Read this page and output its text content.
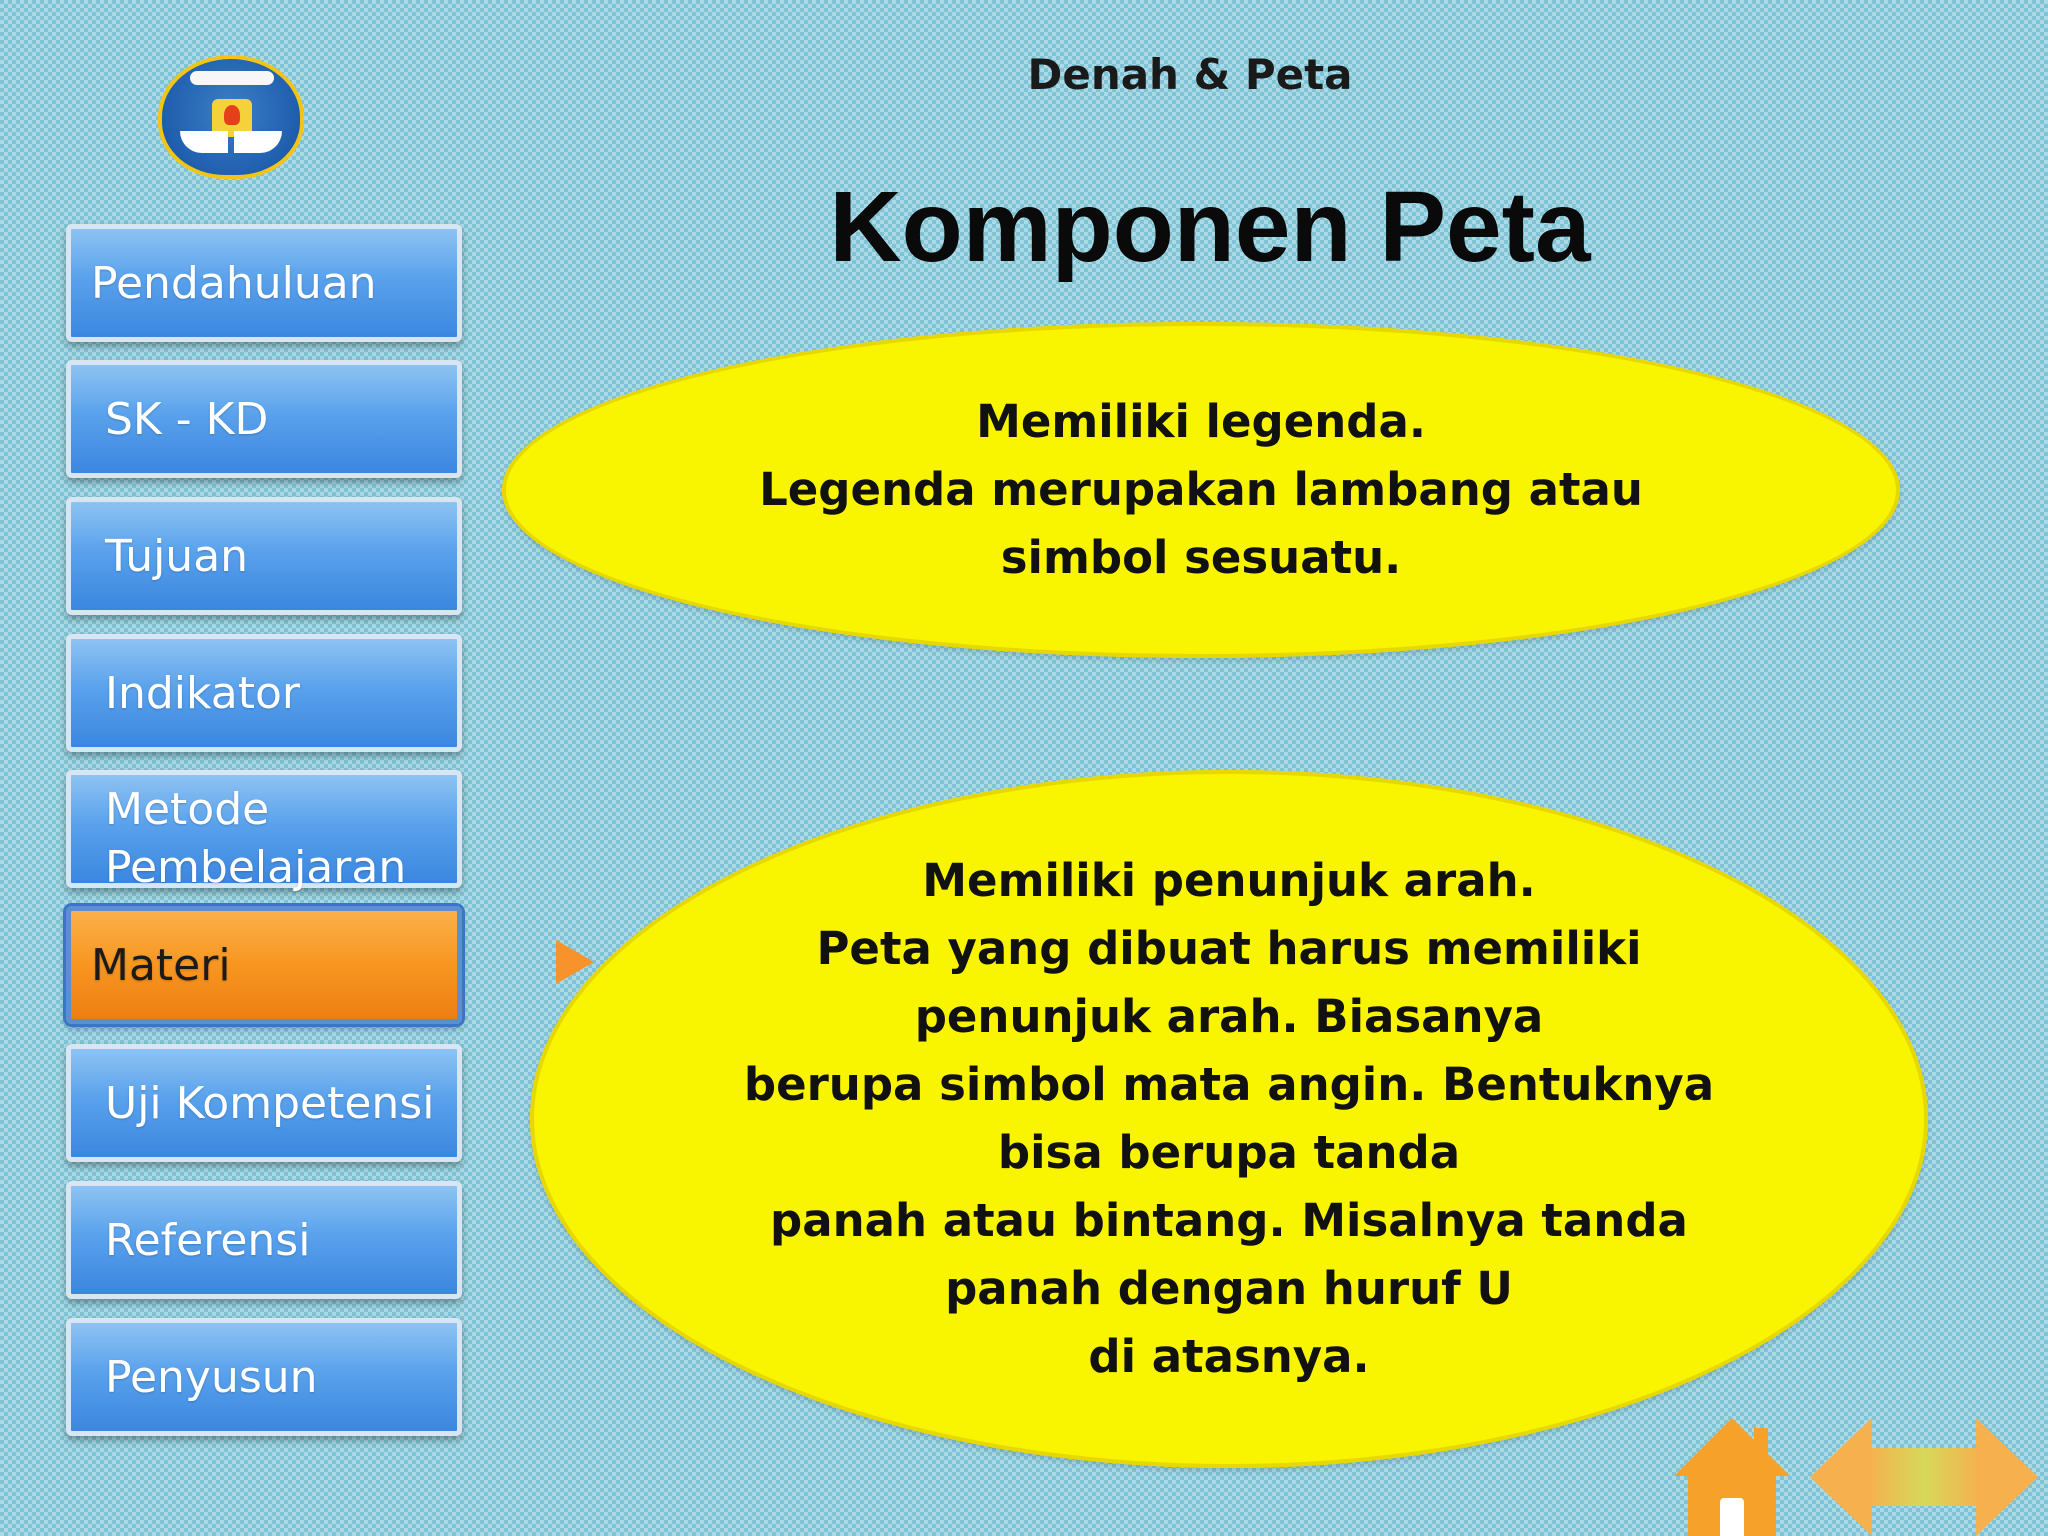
Denah & Peta
Komponen Peta
Pendahuluan
SK - KD
Tujuan
Indikator
Metode Pembelajaran
Materi
Uji Kompetensi
Referensi
Penyusun

Memiliki legenda.
Legenda merupakan lambang atau
simbol sesuatu.

Memiliki penunjuk arah.
Peta yang dibuat harus memiliki
penunjuk arah. Biasanya
berupa simbol mata angin. Bentuknya
bisa berupa tanda
panah atau bintang. Misalnya tanda
panah dengan huruf U
di atasnya.
